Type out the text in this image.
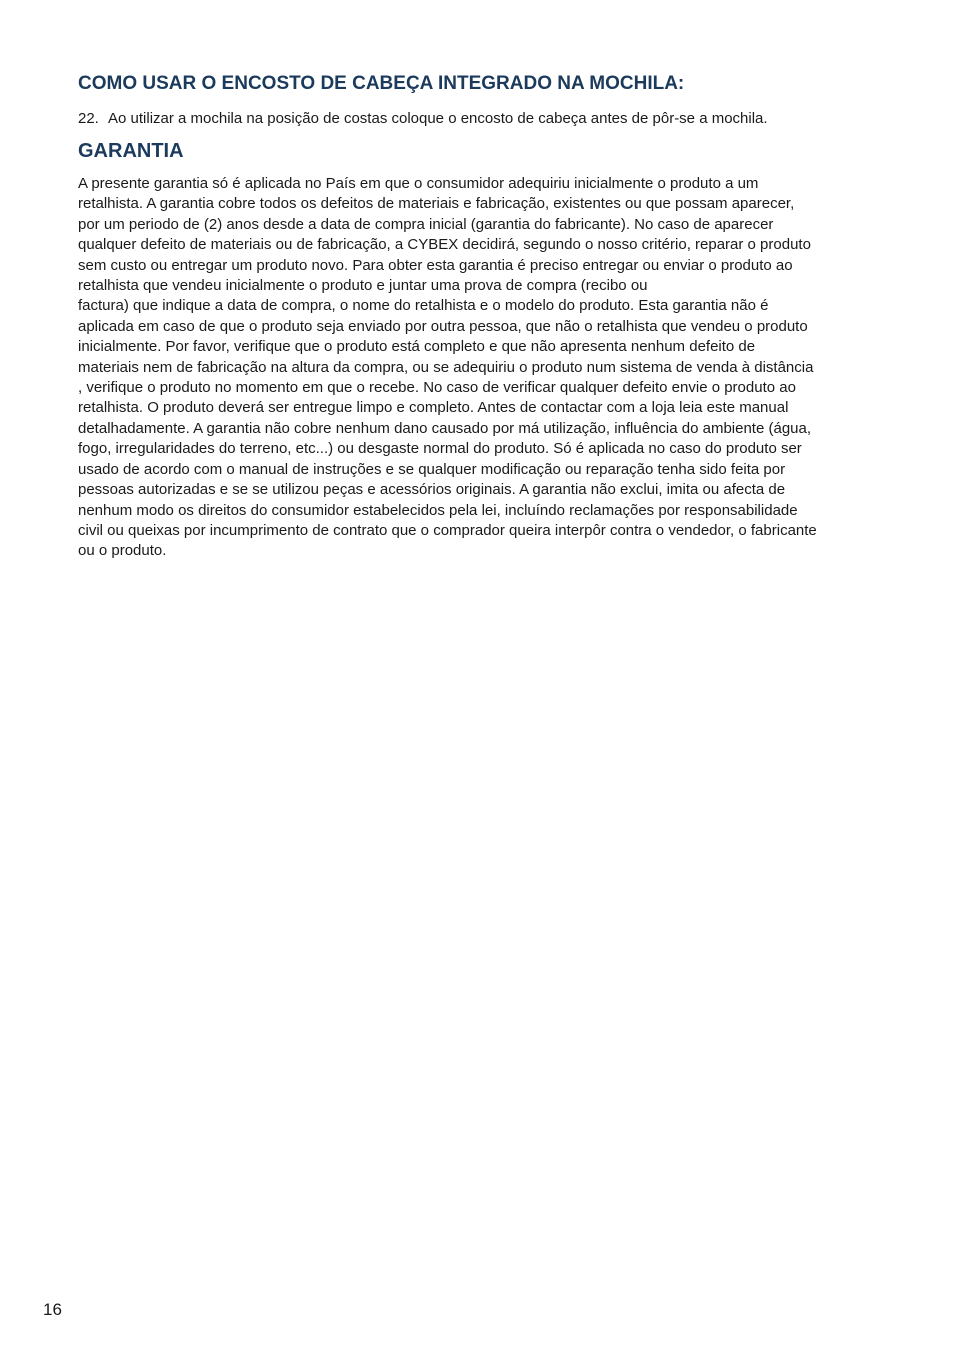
COMO USAR O ENCOSTO DE CABEÇA INTEGRADO NA MOCHILA:

22. Ao utilizar a mochila na posição de costas coloque o encosto de cabeça antes de pôr-se a mochila.

GARANTIA
A presente garantia só é aplicada no País em que o consumidor adequiriu inicialmente o produto a um
retalhista. A garantia cobre todos os defeitos de materiais e fabricação, existentes ou que possam aparecer,
por um periodo de (2) anos desde a data de compra inicial (garantia do fabricante). No caso de aparecer
qualquer defeito de materiais ou de fabricação, a CYBEX decidirá, segundo o nosso critério, reparar o produto
sem custo ou entregar um produto novo. Para obter esta garantia é preciso entregar ou enviar o produto ao
retalhista que vendeu inicialmente o produto e juntar uma prova de compra (recibo ou
factura) que indique a data de compra, o nome do retalhista e o modelo do produto. Esta garantia não é
aplicada em caso de que o produto seja enviado por outra pessoa, que não o retalhista que vendeu o produto
inicialmente. Por favor, verifique que o produto está completo e que não apresenta nenhum defeito de
materiais nem de fabricação na altura da compra, ou se adequiriu o produto num sistema de venda à distância
, verifique o produto no momento em que o recebe. No caso de verificar qualquer defeito envie o produto ao
retalhista. O produto deverá ser entregue limpo e completo. Antes de contactar com a loja leia este manual
detalhadamente. A garantia não cobre nenhum dano causado por má utilização, influência do ambiente (água,
fogo, irregularidades do terreno, etc...) ou desgaste normal do produto. Só é aplicada no caso do produto ser
usado de acordo com o manual de instruções e se qualquer modificação ou reparação tenha sido feita por
pessoas autorizadas e se se utilizou peças e acessórios originais. A garantia não exclui, imita ou afecta de
nenhum modo os direitos do consumidor estabelecidos pela lei, incluíndo reclamações por responsabilidade
civil ou queixas por incumprimento de contrato que o comprador queira interpôr contra o vendedor, o fabricante
ou o produto.
16
